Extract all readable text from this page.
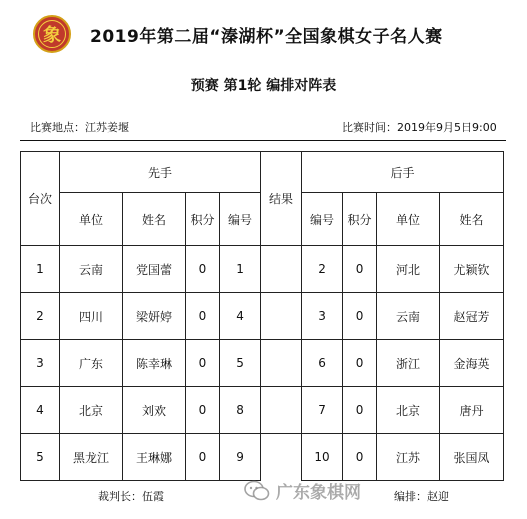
象 2019年第二届“溱湖杯”全国象棋女子名人赛
预赛 第1轮 编排对阵表
比赛地点：江苏姜堰	比赛时间：2019年9月5日9:00
台次	先手				结果	后手			
	单位	姓名	积分	编号		编号	积分	单位	姓名
1	云南	党国蕾	0	1		2	0	河北	尤颖钦
2	四川	梁妍婷	0	4		3	0	云南	赵冠芳
3	广东	陈幸琳	0	5		6	0	浙江	金海英
4	北京	刘欢	0	8		7	0	北京	唐丹
5	黑龙江	王琳娜	0	9		10	0	江苏	张国凤
裁判长：伍霞	编排：赵迎
广东象棋网
